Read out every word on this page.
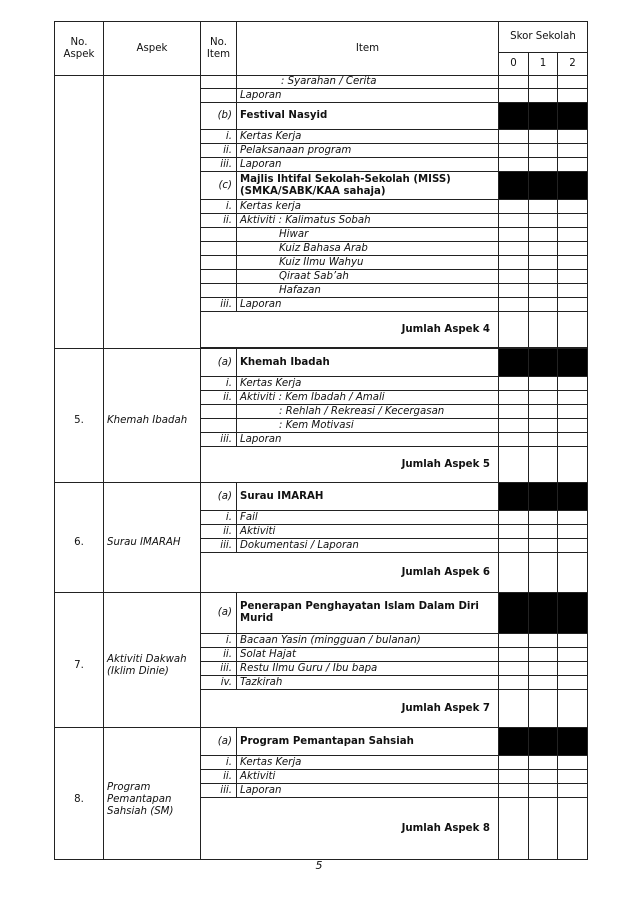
No. Aspek	Aspek	No. Item	Item	Skor Sekolah		
				0	1	2
			: Syarahan / Cerita			
			Laporan			
		(b)	Festival Nasyid			
		i.	Kertas Kerja			
		ii.	Pelaksanaan program			
		iii.	Laporan			
		(c)	Majlis Ihtifal Sekolah-Sekolah (MISS) (SMKA/SABK/KAA sahaja)			
		i.	Kertas kerja			
		ii.	Aktiviti : Kalimatus Sobah			
			Hiwar			
			Kuiz Bahasa Arab			
			Kuiz Ilmu Wahyu			
			Qiraat Sab’ah			
			Hafazan			
		iii.	Laporan			
		Jumlah Aspek 4				

5.	Khemah Ibadah	(a)	Khemah Ibadah			
		i.	Kertas Kerja			
		ii.	Aktiviti : Kem Ibadah / Amali			
			: Rehlah / Rekreasi / Kecergasan			
			: Kem Motivasi			
		iii.	Laporan			
		Jumlah Aspek 5				
6.	Surau IMARAH	(a)	Surau IMARAH			
		i.	Fail			
		ii.	Aktiviti			
		iii.	Dokumentasi / Laporan			
		Jumlah Aspek 6				
7.	Aktiviti Dakwah (Iklim Dinie)	(a)	Penerapan Penghayatan Islam Dalam Diri Murid			
		i.	Bacaan Yasin (mingguan / bulanan)			
		ii.	Solat Hajat			
		iii.	Restu Ilmu Guru / Ibu bapa			
		iv.	Tazkirah			
		Jumlah Aspek 7				
8.	Program Pemantapan Sahsiah (SM)	(a)	Program Pemantapan Sahsiah			
		i.	Kertas Kerja			
		ii.	Aktiviti			
		iii.	Laporan			
		Jumlah Aspek 8				
5
